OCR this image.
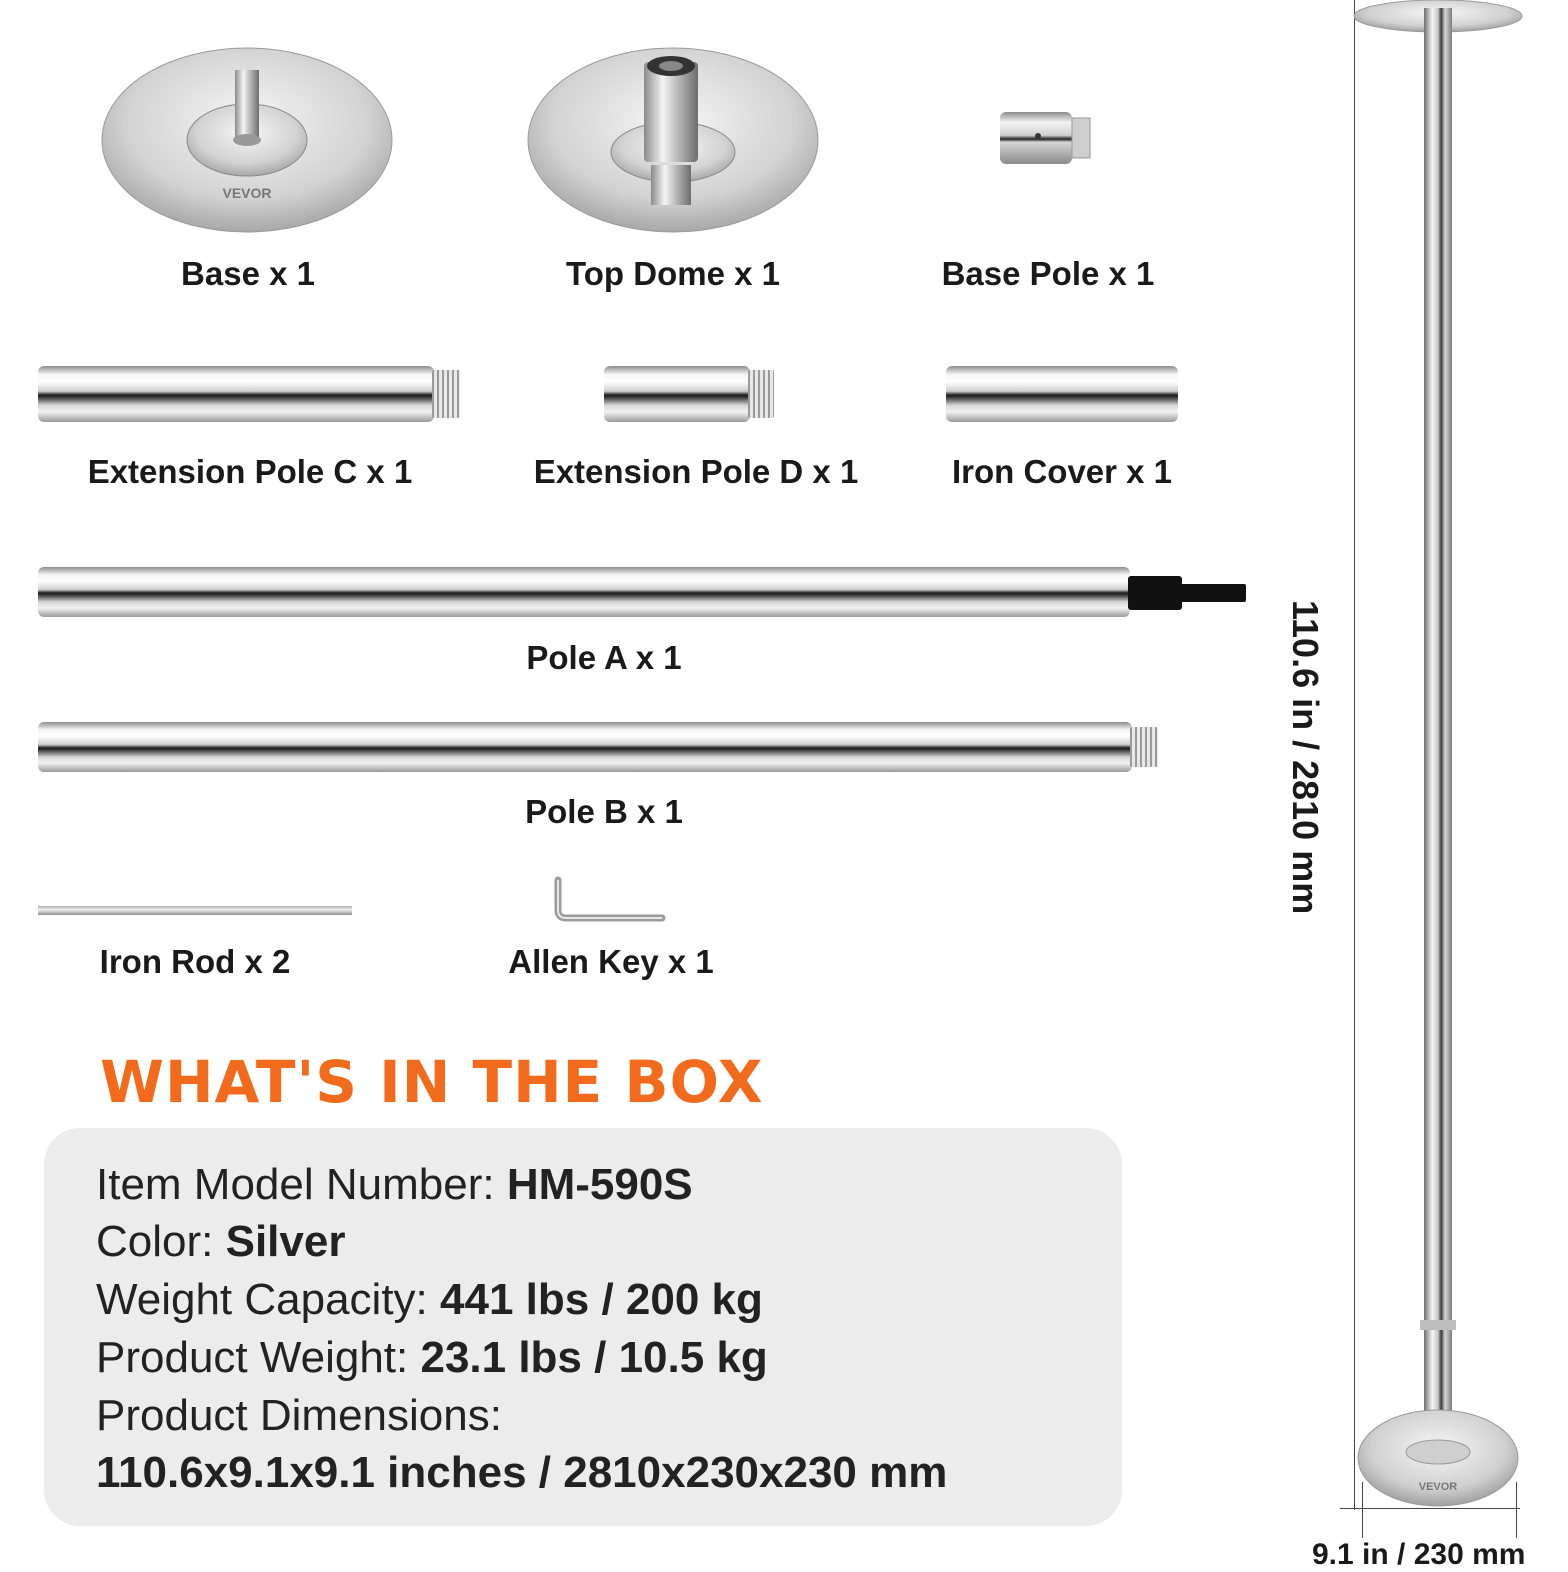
VEVOR
Base x 1	Top Dome x 1	Base Pole x 1
Extension Pole C x 1	Extension Pole D x 1	Iron Cover x 1
Pole A x 1
Pole B x 1
Iron Rod x 2	Allen Key x 1
WHAT'S IN THE BOX
Item Model Number: HM-590S
Color: Silver
Weight Capacity: 441 lbs / 200 kg
Product Weight: 23.1 lbs / 10.5 kg
Product Dimensions:
110.6x9.1x9.1 inches / 2810x230x230 mm
110.6 in / 2810 mm
VEVOR
9.1 in / 230 mm
